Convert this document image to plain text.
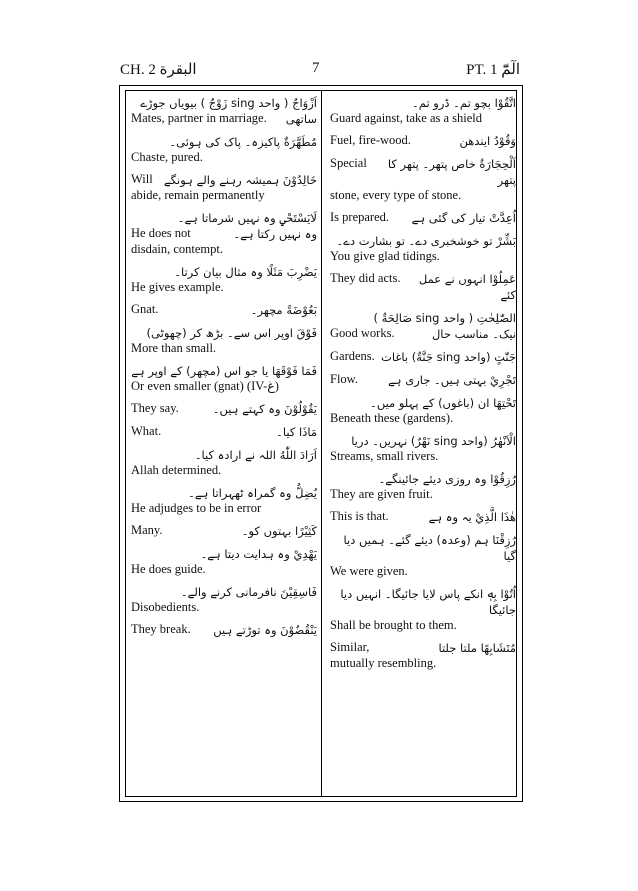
CH. 2 البقرة	7	PT. 1 الٓمّٓ
اَزْوَاجٌ ( واحد sing زَوْجٌ ) بیویاں جوڑے
Mates, partner in marriage.	ساتھی
مُطَهَّرَةٌ پاکیزہ۔ پاک کی ہوئی۔
Chaste, pured.
Will خَالِدُوْنَ ہمیشہ رہنے والے ہونگے
abide, remain permanently
لَايَسْتَحْيٖ وہ نہیں شرماتا ہے۔
He does not	وہ نہیں رکتا ہے۔
disdain, contempt.
يَضْرِبَ مَثَلًا وہ مثال بیان کرتا۔
He gives example.
Gnat.	بَعُوْضَةً مچھر۔
فَوْقَ اوپر اس سے۔ بڑھ کر (چھوٹی)
More than small.
فَمَا فَوْقَهَا یا جو اس (مچھر) کے اوپر ہے
Or even smaller (gnat) (IV-غ)
They say.	يَقُوْلُوْنَ وہ کہتے ہیں۔
What.	مَاذَا کیا۔
اَرَادَ اللّٰهُ اللہ نے ارادہ کیا۔
Allah determined.
يُضِلُّ وہ گمراہ ٹھہراتا ہے۔
He adjudges to be in error
Many.	كَثِيْرًا بہتوں کو۔
يَهْدِيْ وہ ہدایت دیتا ہے۔
He does guide.
فَاسِقِيْنَ نافرمانی کرنے والے۔
Disobedients.
They break.	يَنْقُضُوْنَ وہ توڑتے ہیں
اتَّقُوْا بچو تم۔ ڈرو تم۔
Guard against, take as a shield
Fuel, fire-wood.	وَقُوْدُ ایندھن
Special	اَلْحِجَارَةُ خاص پتھر۔ پتھر کا پتھر
stone, every type of stone.
Is prepared.	اُعِدَّتْ تیار کی گئی ہے
بَشِّرْ تو خوشخبری دے۔ تو بشارت دے۔
You give glad tidings.
They did acts.	عَمِلُوْا انہوں نے عمل کئے
الصّٰلِحٰتِ ( واحد sing صَالِحَةٌ )
Good works.	نیک۔ مناسب حال
Gardens. جَنّٰتٍ (واحد sing جَنَّةٌ) باغات
Flow.	تَجْرِيْ بہتی ہیں۔ جاری ہے
تَحْتِهَا ان (باغوں) کے پہلو میں۔
Beneath these (gardens).
الْاَنْهٰرُ (واحد sing نَهْرٌ) نہریں۔ دریا
Streams, small rivers.
رُزِقُوْا وہ روزی دیئے جائینگے۔
They are given fruit.
This is that.	هٰذَا الَّذِيْ یہ وہ ہے
رُزِقْنَا ہم (وعدہ) دیئے گئے۔ ہمیں دیا گیا
We were given.
اُتُوْا بِهٖ انکے پاس لایا جائیگا۔ انہیں دیا جائیگا
Shall be brought to them.
Similar,	مُتَشَابِهًا ملتا جلتا
mutually resembling.
